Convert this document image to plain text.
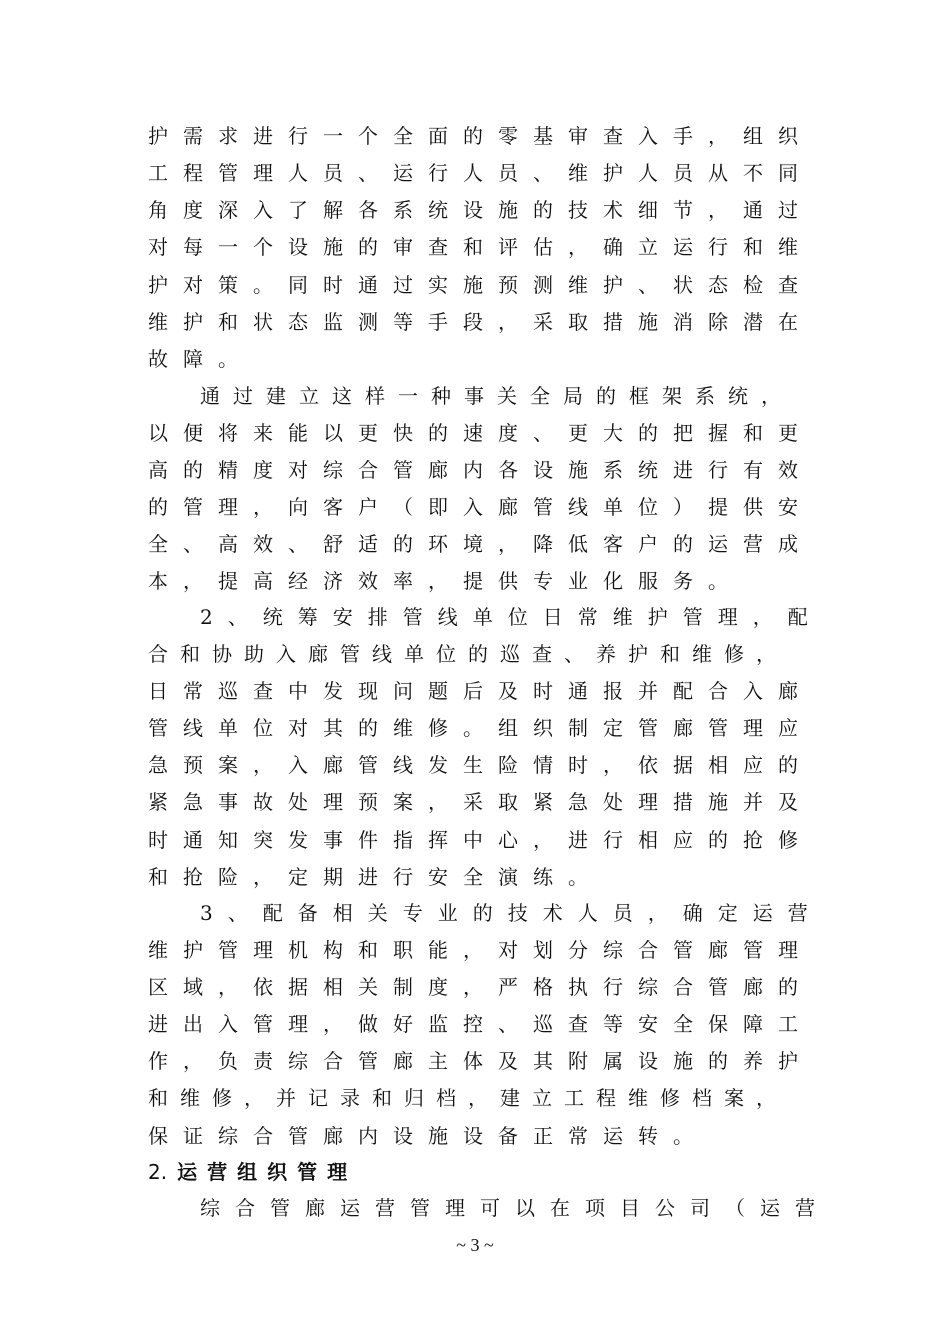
护需求进行一个全面的零基审查入手，组织
工程管理人员、运行人员、维护人员从不同
角度深入了解各系统设施的技术细节，通过
对每一个设施的审查和评估，确立运行和维
护对策。同时通过实施预测维护、状态检查
维护和状态监测等手段，采取措施消除潜在
故障。
通过建立这样一种事关全局的框架系统，
以便将来能以更快的速度、更大的把握和更
高的精度对综合管廊内各设施系统进行有效
的管理，向客户（即入廊管线单位）提供安
全、高效、舒适的环境，降低客户的运营成
本，提高经济效率，提供专业化服务。
2、统筹安排管线单位日常维护管理，配
合和协助入廊管线单位的巡查、养护和维修，
日常巡查中发现问题后及时通报并配合入廊
管线单位对其的维修。组织制定管廊管理应
急预案，入廊管线发生险情时，依据相应的
紧急事故处理预案，采取紧急处理措施并及
时通知突发事件指挥中心，进行相应的抢修
和抢险，定期进行安全演练。
3、配备相关专业的技术人员，确定运营
维护管理机构和职能，对划分综合管廊管理
区域，依据相关制度，严格执行综合管廊的
进出入管理，做好监控、巡查等安全保障工
作，负责综合管廊主体及其附属设施的养护
和维修，并记录和归档，建立工程维修档案，
保证综合管廊内设施设备正常运转。
2. 运营组织管理
综合管廊运营管理可以在项目公司（运营
~ 3 ~
